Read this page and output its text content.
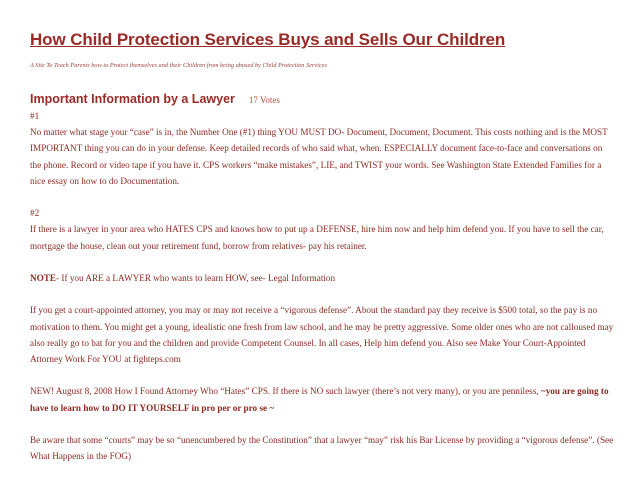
How Child Protection Services Buys and Sells Our Children
A Site To Teach Parents how to Protect themselves and their Children from being abused by Child Protection Services
Important Information by a Lawyer 17 Votes
#1

No matter what stage your “case” is in, the Number One (#1) thing YOU MUST DO- Document, Document, Document. This costs nothing and is the MOST IMPORTANT thing you can do in your defense. Keep detailed records of who said what, when. ESPECIALLY document face-to-face and conversations on the phone. Record or video tape if you have it. CPS workers “make mistakes”, LIE, and TWIST your words. See Washington State Extended Families for a nice essay on how to do Documentation.

#2

If there is a lawyer in your area who HATES CPS and knows how to put up a DEFENSE, hire him now and help him defend you. If you have to sell the car, mortgage the house, clean out your retirement fund, borrow from relatives- pay his retainer.

NOTE- If you ARE a LAWYER who wants to learn HOW, see- Legal Information

If you get a court-appointed attorney, you may or may not receive a “vigorous defense”. About the standard pay they receive is $500 total, so the pay is no motivation to them. You might get a young, idealistic one fresh from law school, and he may be pretty aggressive. Some older ones who are not calloused may also really go to bat for you and the children and provide Competent Counsel. In all cases, Help him defend you. Also see Make Your Court-Appointed Attorney Work For YOU at fighteps.com

NEW! August 8, 2008 How I Found Attorney Who “Hates” CPS. If there is NO such lawyer (there’s not very many), or you are penniless, ~you are going to have to learn how to DO IT YOURSELF in pro per or pro se ~

Be aware that some “courts” may be so “unencumbered by the Constitution” that a lawyer “may” risk his Bar License by providing a “vigorous defense”. (See What Happens in the FOG)
